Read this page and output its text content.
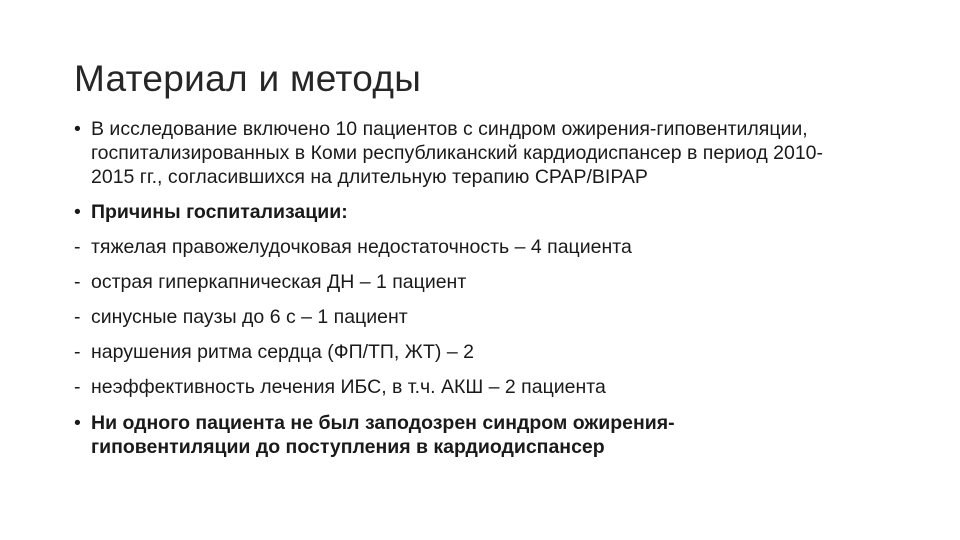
Материал и методы
• В исследование включено 10 пациентов с синдром ожирения-гиповентиляции, госпитализированных в Коми республиканский кардиодиспансер в период 2010-2015 гг., согласившихся на длительную терапию CPAP/BIPAP
• Причины госпитализации:
- тяжелая правожелудочковая недостаточность – 4 пациента
- острая гиперкапническая ДН – 1 пациент
- синусные паузы до 6 с – 1 пациент
- нарушения ритма сердца (ФП/ТП, ЖТ) – 2
- неэффективность лечения ИБС, в т.ч. АКШ – 2 пациента
• Ни одного пациента не был заподозрен синдром ожирения-гиповентиляции до поступления в кардиодиспансер
